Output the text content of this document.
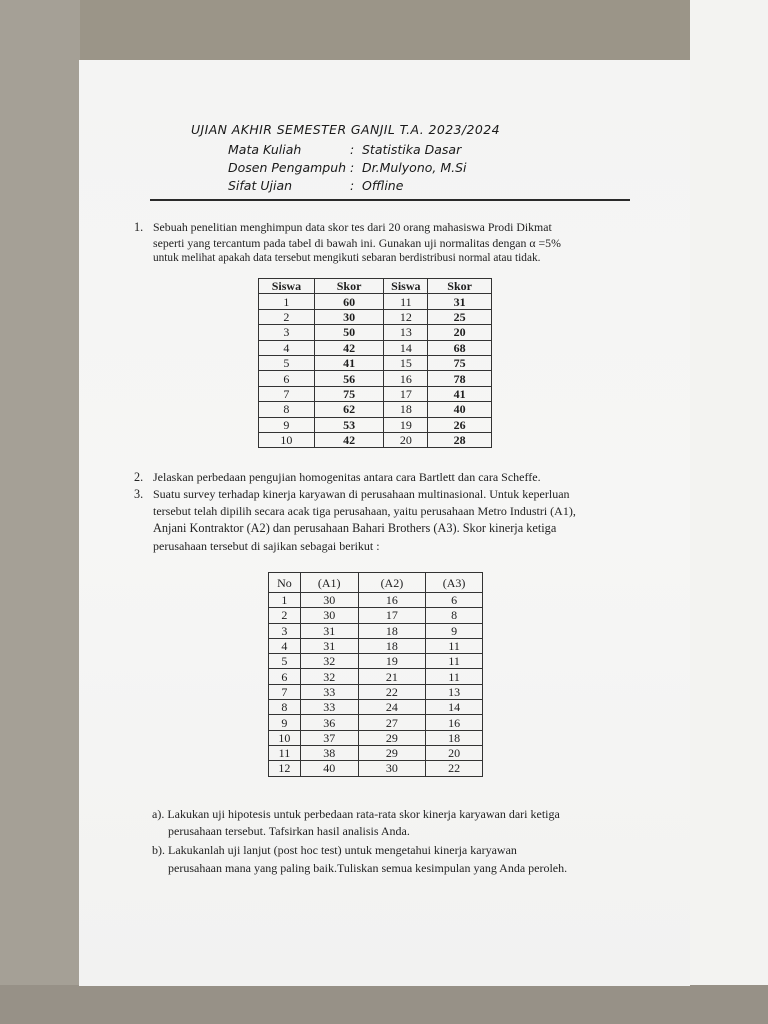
UJIAN AKHIR SEMESTER GANJIL T.A. 2023/2024
Mata Kuliah	: Statistika Dasar
Dosen Pengampuh : Dr.Mulyono, M.Si
Sifat Ujian	: Offline
1. Sebuah penelitian menghimpun data skor tes dari 20 orang mahasiswa Prodi Dikmat
seperti yang tercantum pada tabel di bawah ini. Gunakan uji normalitas dengan α =5%
untuk melihat apakah data tersebut mengikuti sebaran berdistribusi normal atau tidak.
Siswa	Skor	Siswa	Skor
1	60	11	31
2	30	12	25
3	50	13	20
4	42	14	68
5	41	15	75
6	56	16	78
7	75	17	41
8	62	18	40
9	53	19	26
10	42	20	28
2. Jelaskan perbedaan pengujian homogenitas antara cara Bartlett dan cara Scheffe.
3. Suatu survey terhadap kinerja karyawan di perusahaan multinasional. Untuk keperluan
tersebut telah dipilih secara acak tiga perusahaan, yaitu perusahaan Metro Industri (A1),
Anjani Kontraktor (A2) dan perusahaan Bahari Brothers (A3). Skor kinerja ketiga
perusahaan tersebut di sajikan sebagai berikut :
No	(A1)	(A2)	(A3)
1	30	16	6
2	30	17	8
3	31	18	9
4	31	18	11
5	32	19	11
6	32	21	11
7	33	22	13
8	33	24	14
9	36	27	16
10	37	29	18
11	38	29	20
12	40	30	22
a). Lakukan uji hipotesis untuk perbedaan rata-rata skor kinerja karyawan dari ketiga
perusahaan tersebut. Tafsirkan hasil analisis Anda.
b). Lakukanlah uji lanjut (post hoc test) untuk mengetahui kinerja karyawan
perusahaan mana yang paling baik.Tuliskan semua kesimpulan yang Anda peroleh.
